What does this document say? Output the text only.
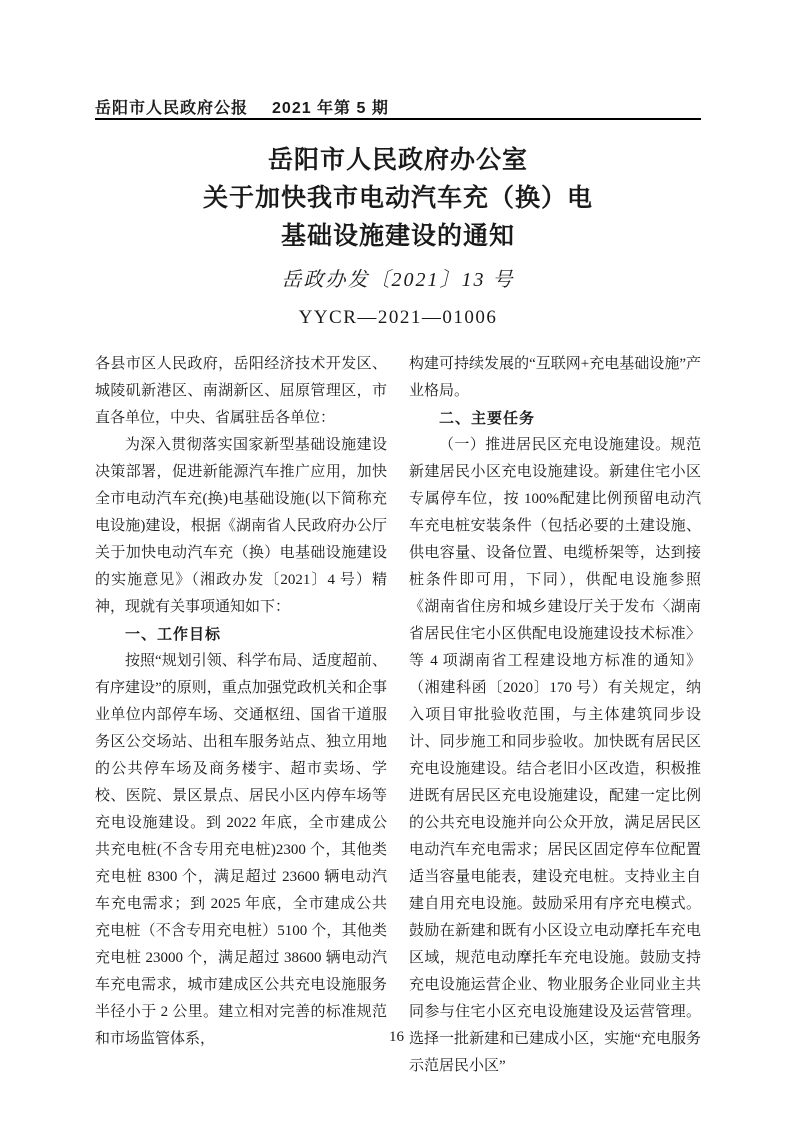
岳阳市人民政府公报 2021 年第 5 期
岳阳市人民政府办公室
关于加快我市电动汽车充（换）电
基础设施建设的通知
岳政办发〔2021〕13 号
YYCR—2021—01006

各县市区人民政府，岳阳经济技术开发区、城陵矶新港区、南湖新区、屈原管理区，市直各单位，中央、省属驻岳各单位：

为深入贯彻落实国家新型基础设施建设决策部署，促进新能源汽车推广应用，加快全市电动汽车充(换)电基础设施(以下简称充电设施)建设，根据《湖南省人民政府办公厅关于加快电动汽车充（换）电基础设施建设的实施意见》（湘政办发〔2021〕4 号）精神，现就有关事项通知如下：

一、工作目标

按照“规划引领、科学布局、适度超前、有序建设”的原则，重点加强党政机关和企事业单位内部停车场、交通枢纽、国省干道服务区公交场站、出租车服务站点、独立用地的公共停车场及商务楼宇、超市卖场、学校、医院、景区景点、居民小区内停车场等充电设施建设。到 2022 年底，全市建成公共充电桩(不含专用充电桩)2300 个，其他类充电桩 8300 个，满足超过 23600 辆电动汽车充电需求；到 2025 年底，全市建成公共充电桩（不含专用充电桩）5100 个，其他类充电桩 23000 个，满足超过 38600 辆电动汽车充电需求，城市建成区公共充电设施服务半径小于 2 公里。建立相对完善的标准规范和市场监管体系，

构建可持续发展的“互联网+充电基础设施”产业格局。

二、主要任务

（一）推进居民区充电设施建设。规范新建居民小区充电设施建设。新建住宅小区专属停车位，按 100%配建比例预留电动汽车充电桩安装条件（包括必要的土建设施、供电容量、设备位置、电缆桥架等，达到接桩条件即可用，下同），供配电设施参照《湖南省住房和城乡建设厅关于发布〈湖南省居民住宅小区供配电设施建设技术标准〉等 4 项湖南省工程建设地方标准的通知》（湘建科函〔2020〕170 号）有关规定，纳入项目审批验收范围，与主体建筑同步设计、同步施工和同步验收。加快既有居民区充电设施建设。结合老旧小区改造，积极推进既有居民区充电设施建设，配建一定比例的公共充电设施并向公众开放，满足居民区电动汽车充电需求；居民区固定停车位配置适当容量电能表，建设充电桩。支持业主自建自用充电设施。鼓励采用有序充电模式。鼓励在新建和既有小区设立电动摩托车充电区域，规范电动摩托车充电设施。鼓励支持充电设施运营企业、物业服务企业同业主共同参与住宅小区充电设施建设及运营管理。选择一批新建和已建成小区，实施“充电服务示范居民小区”

16
